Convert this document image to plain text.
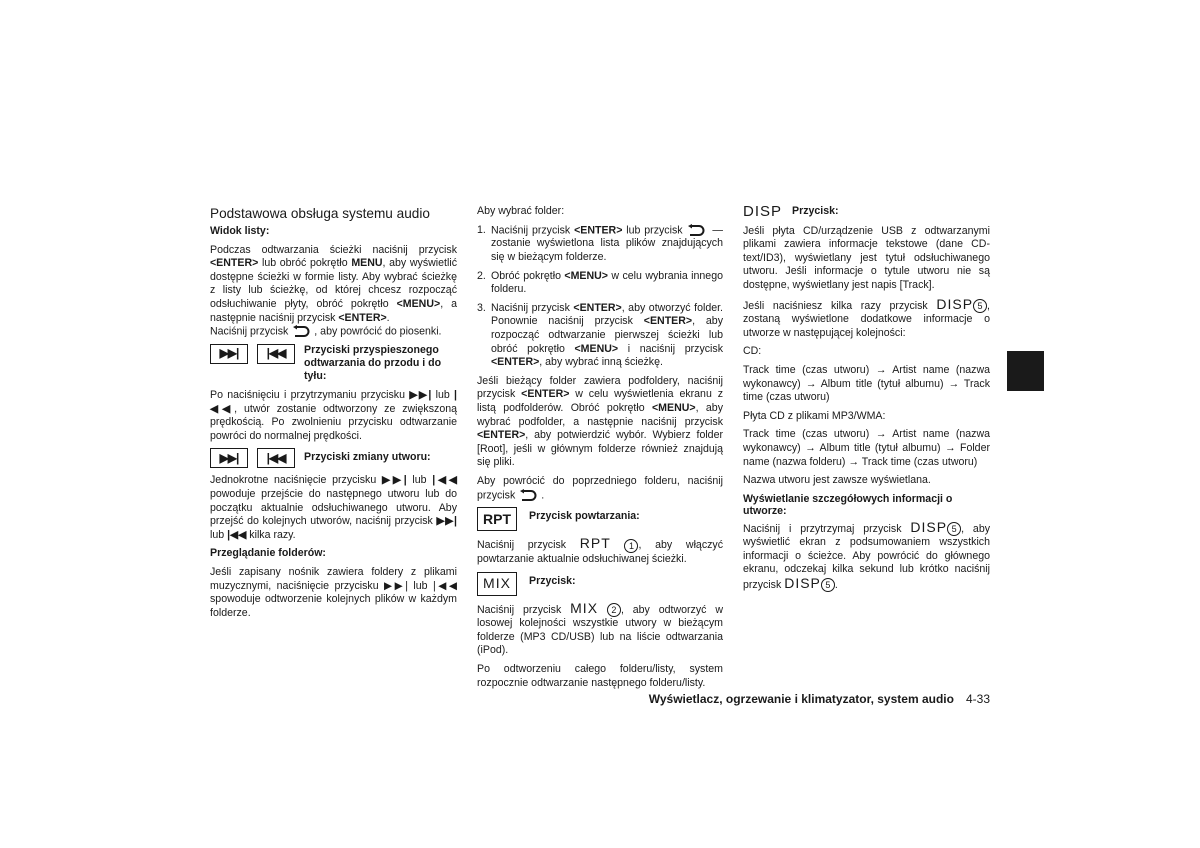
Podstawowa obsługa systemu audio
Widok listy:

Podczas odtwarzania ścieżki naciśnij przycisk <ENTER> lub obróć pokrętło MENU, aby wyświetlić dostępne ścieżki w formie listy. Aby wybrać ścieżkę z listy lub ścieżkę, od której chcesz rozpocząć odsłuchiwanie płyty, obróć pokrętło <MENU>, a następnie naciśnij przycisk <ENTER>.
Naciśnij przycisk , aby powrócić do piosenki.

▶▶|	|◀◀	Przyciski przyspieszonego odtwarzania do przodu i do tyłu:

Po naciśnięciu i przytrzymaniu przycisku ▶▶| lub |◀◀, utwór zostanie odtworzony ze zwiększoną prędkością. Po zwolnieniu przycisku odtwarzanie powróci do normalnej prędkości.

▶▶|	|◀◀	Przyciski zmiany utworu:

Jednokrotne naciśnięcie przycisku ▶▶| lub |◀◀ powoduje przejście do następnego utworu lub do początku aktualnie odsłuchiwanego utworu. Aby przejść do kolejnych utworów, naciśnij przycisk ▶▶| lub |◀◀ kilka razy.

Przeglądanie folderów:

Jeśli zapisany nośnik zawiera foldery z plikami muzycznymi, naciśnięcie przycisku ▶▶| lub |◀◀ spowoduje odtworzenie kolejnych plików w każdym folderze.

Aby wybrać folder:

1. Naciśnij przycisk <ENTER> lub przycisk — zostanie wyświetlona lista plików znajdujących się w bieżącym folderze.
2. Obróć pokrętło <MENU> w celu wybrania innego folderu.
3. Naciśnij przycisk <ENTER>, aby otworzyć folder. Ponownie naciśnij przycisk <ENTER>, aby rozpocząć odtwarzanie pierwszej ścieżki lub obróć pokrętło <MENU> i naciśnij przycisk <ENTER>, aby wybrać inną ścieżkę.

Jeśli bieżący folder zawiera podfoldery, naciśnij przycisk <ENTER> w celu wyświetlenia ekranu z listą podfolderów. Obróć pokrętło <MENU>, aby wybrać podfolder, a następnie naciśnij przycisk <ENTER>, aby potwierdzić wybór. Wybierz folder [Root], jeśli w głównym folderze również znajdują się pliki.

Aby powrócić do poprzedniego folderu, naciśnij przycisk .

RPT	Przycisk powtarzania:

Naciśnij przycisk RPT 1 , aby włączyć powtarzanie aktualnie odsłuchiwanej ścieżki.

MIX	Przycisk:

Naciśnij przycisk MIX 2 , aby odtworzyć w losowej kolejności wszystkie utwory w bieżącym folderze (MP3 CD/USB) lub na liście odtwarzania (iPod).

Po odtworzeniu całego folderu/listy, system rozpocznie odtwarzanie następnego folderu/listy.

DISP Przycisk:

Jeśli płyta CD/urządzenie USB z odtwarzanymi plikami zawiera informacje tekstowe (dane CD-text/ID3), wyświetlany jest tytuł odsłuchiwanego utworu. Jeśli informacje o tytule utworu nie są dostępne, wyświetlany jest napis [Track].

Jeśli naciśniesz kilka razy przycisk DISP 5 , zostaną wyświetlone dodatkowe informacje o utworze w następującej kolejności:

CD:

Track time (czas utworu) → Artist name (nazwa wykonawcy) → Album title (tytuł albumu) → Track time (czas utworu)

Płyta CD z plikami MP3/WMA:

Track time (czas utworu) → Artist name (nazwa wykonawcy) → Album title (tytuł albumu) → Folder name (nazwa folderu) → Track time (czas utworu)

Nazwa utworu jest zawsze wyświetlana.

Wyświetlanie szczegółowych informacji o utworze:

Naciśnij i przytrzymaj przycisk DISP 5 , aby wyświetlić ekran z podsumowaniem wszystkich informacji o ścieżce. Aby powrócić do głównego ekranu, odczekaj kilka sekund lub krótko naciśnij przycisk DISP 5 .

Wyświetlacz, ogrzewanie i klimatyzator, system audio 4-33
